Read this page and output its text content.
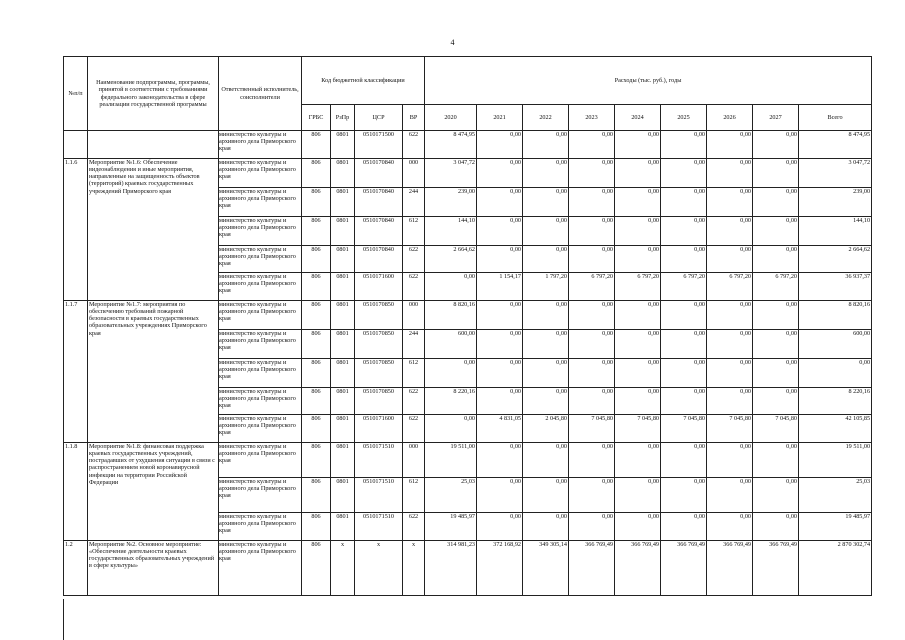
4
№п/п	Наименование подпрограммы, программы, принятой в соответствии с требованиями федерального законодательства в сфере реализации государственной программы	Ответственный исполнитель, соисполнители	Код бюджетной классификации				Расходы (тыс. руб.), годы								
			ГРБС	РзПр	ЦСР	ВР	2020	2021	2022	2023	2024	2025	2026	2027	Всего
		министерство культуры и архивного дела Приморского края	806	0801	0510171500	622	8 474,95	0,00	0,00	0,00	0,00	0,00	0,00	0,00	8 474,95
1.1.6	Мероприятие №1.6: Обеспечение видеонаблюдения и иные мероприятия, направленные на защищенность объектов (территорий) краевых государственных учреждений Приморского края	министерство культуры и архивного дела Приморского края	806	0801	0510170840	000	3 047,72	0,00	0,00	0,00	0,00	0,00	0,00	0,00	3 047,72
		министерство культуры и архивного дела Приморского края	806	0801	0510170840	244	239,00	0,00	0,00	0,00	0,00	0,00	0,00	0,00	239,00
		министерство культуры и архивного дела Приморского края	806	0801	0510170840	612	144,10	0,00	0,00	0,00	0,00	0,00	0,00	0,00	144,10
		министерство культуры и архивного дела Приморского края	806	0801	0510170840	622	2 664,62	0,00	0,00	0,00	0,00	0,00	0,00	0,00	2 664,62
		министерство культуры и архивного дела Приморского края	806	0801	0510171600	622	0,00	1 154,17	1 797,20	6 797,20	6 797,20	6 797,20	6 797,20	6 797,20	36 937,37
1.1.7	Мероприятие №1.7: мероприятия по обеспечению требований пожарной безопасности в краевых государственных образовательных учреждениях Приморского края	министерство культуры и архивного дела Приморского края	806	0801	0510170850	000	8 820,16	0,00	0,00	0,00	0,00	0,00	0,00	0,00	8 820,16
		министерство культуры и архивного дела Приморского края	806	0801	0510170850	244	600,00	0,00	0,00	0,00	0,00	0,00	0,00	0,00	600,00
		министерство культуры и архивного дела Приморского края	806	0801	0510170850	612	0,00	0,00	0,00	0,00	0,00	0,00	0,00	0,00	0,00
		министерство культуры и архивного дела Приморского края	806	0801	0510170850	622	8 220,16	0,00	0,00	0,00	0,00	0,00	0,00	0,00	8 220,16
		министерство культуры и архивного дела Приморского края	806	0801	0510171600	622	0,00	4 831,05	2 045,80	7 045,80	7 045,80	7 045,80	7 045,80	7 045,80	42 105,85
1.1.8	Мероприятие №1.8: финансовая поддержка краевых государственных учреждений, пострадавших от ухудшения ситуации в связи с распространением новой коронавирусной инфекции на территории Российской Федерации	министерство культуры и архивного дела Приморского края	806	0801	0510171510	000	19 511,00	0,00	0,00	0,00	0,00	0,00	0,00	0,00	19 511,00
		министерство культуры и архивного дела Приморского края	806	0801	0510171510	612	25,03	0,00	0,00	0,00	0,00	0,00	0,00	0,00	25,03
		министерство культуры и архивного дела Приморского края	806	0801	0510171510	622	19 485,97	0,00	0,00	0,00	0,00	0,00	0,00	0,00	19 485,97
1.2	Мероприятие №2. Основное мероприятие: «Обеспечение деятельности краевых государственных образовательных учреждений в сфере культуры»	министерство культуры и архивного дела Приморского края	806	х	х	х	314 981,23	372 168,92	349 305,14	366 769,49	366 769,49	366 769,49	366 769,49	366 769,49	2 870 302,74
